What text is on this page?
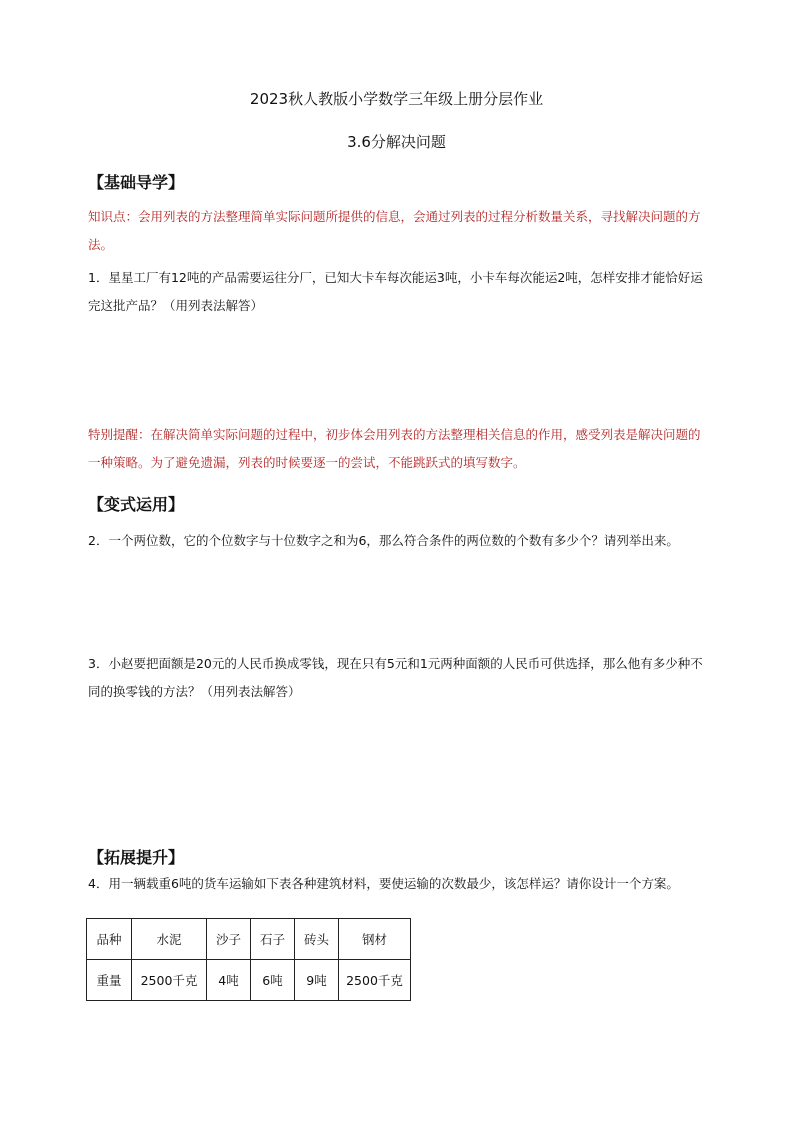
2023秋人教版小学数学三年级上册分层作业
3.6分解决问题
【基础导学】
知识点：会用列表的方法整理简单实际问题所提供的信息，会通过列表的过程分析数量关系，寻找解决问题的方法。
1．星星工厂有12吨的产品需要运往分厂，已知大卡车每次能运3吨，小卡车每次能运2吨，怎样安排才能恰好运完这批产品？（用列表法解答）
特别提醒：在解决简单实际问题的过程中，初步体会用列表的方法整理相关信息的作用，感受列表是解决问题的一种策略。为了避免遗漏，列表的时候要逐一的尝试，不能跳跃式的填写数字。
【变式运用】
2．一个两位数，它的个位数字与十位数字之和为6，那么符合条件的两位数的个数有多少个？请列举出来。
3．小赵要把面额是20元的人民币换成零钱，现在只有5元和1元两种面额的人民币可供选择，那么他有多少种不同的换零钱的方法？（用列表法解答）
【拓展提升】
4．用一辆载重6吨的货车运输如下表各种建筑材料，要使运输的次数最少，该怎样运？请你设计一个方案。
品种	水泥	沙子	石子	砖头	钢材
重量	2500千克	4吨	6吨	9吨	2500千克
